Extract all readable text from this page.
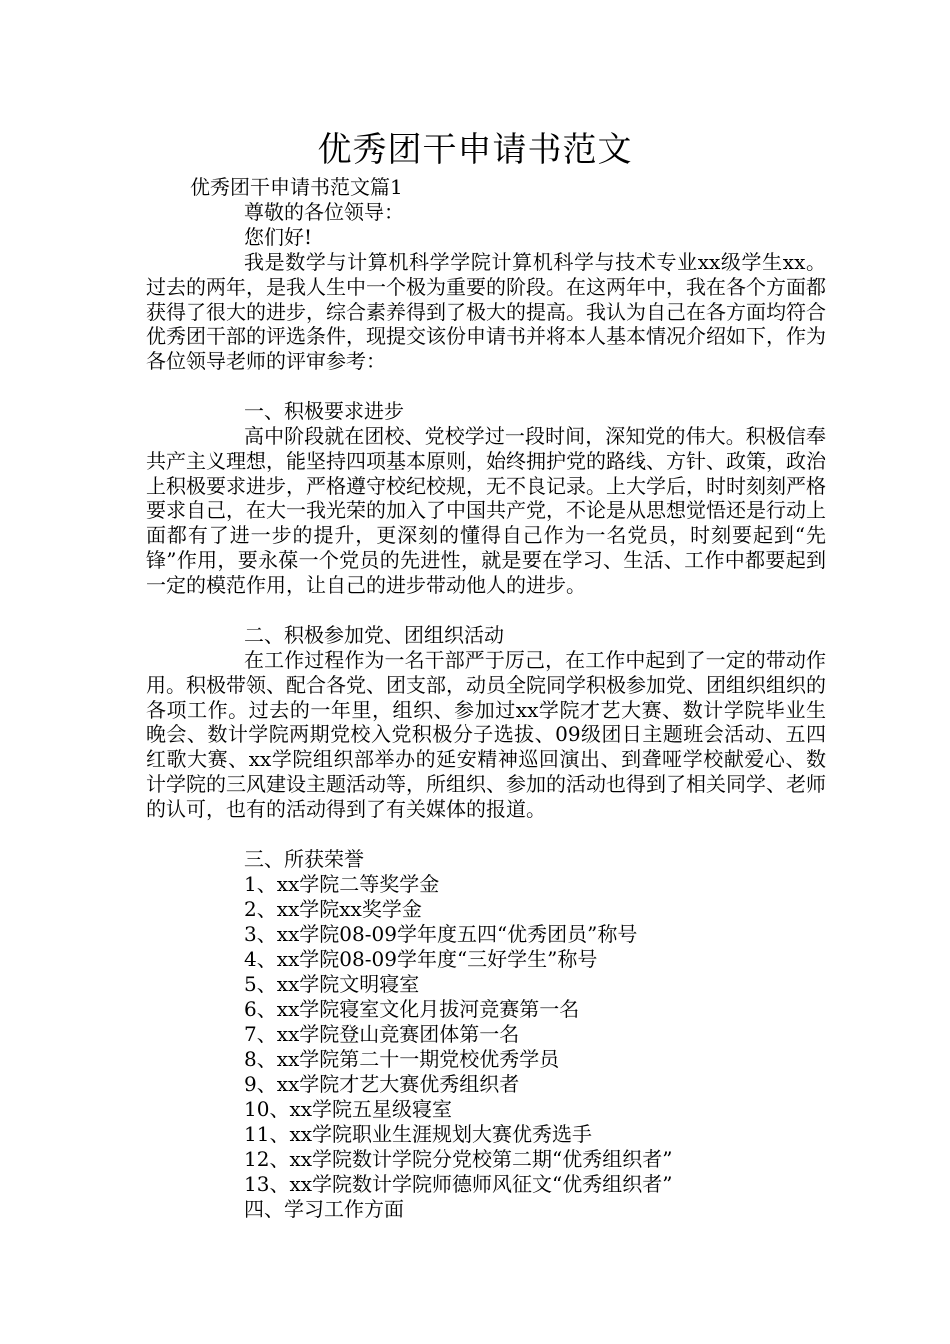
优秀团干申请书范文
优秀团干申请书范文篇1
尊敬的各位领导：
您们好!
我是数学与计算机科学学院计算机科学与技术专业xx级学生xx。过去的两年，是我人生中一个极为重要的阶段。在这两年中，我在各个方面都获得了很大的进步，综合素养得到了极大的提高。我认为自己在各方面均符合优秀团干部的评选条件，现提交该份申请书并将本人基本情况介绍如下，作为各位领导老师的评审参考：
一、积极要求进步
高中阶段就在团校、党校学过一段时间，深知党的伟大。积极信奉共产主义理想，能坚持四项基本原则，始终拥护党的路线、方针、政策，政治上积极要求进步，严格遵守校纪校规，无不良记录。上大学后，时时刻刻严格要求自己，在大一我光荣的加入了中国共产党，不论是从思想觉悟还是行动上面都有了进一步的提升，更深刻的懂得自己作为一名党员，时刻要起到“先锋”作用，要永葆一个党员的先进性，就是要在学习、生活、工作中都要起到一定的模范作用，让自己的进步带动他人的进步。
二、积极参加党、团组织活动
在工作过程作为一名干部严于厉己，在工作中起到了一定的带动作用。积极带领、配合各党、团支部，动员全院同学积极参加党、团组织组织的各项工作。过去的一年里，组织、参加过xx学院才艺大赛、数计学院毕业生晚会、数计学院两期党校入党积极分子选拔、09级团日主题班会活动、五四红歌大赛、xx学院组织部举办的延安精神巡回演出、到聋哑学校献爱心、数计学院的三风建设主题活动等，所组织、参加的活动也得到了相关同学、老师的认可，也有的活动得到了有关媒体的报道。
三、所获荣誉
1、xx学院二等奖学金
2、xx学院xx奖学金
3、xx学院08-09学年度五四“优秀团员”称号
4、xx学院08-09学年度“三好学生”称号
5、xx学院文明寝室
6、xx学院寝室文化月拔河竞赛第一名
7、xx学院登山竞赛团体第一名
8、xx学院第二十一期党校优秀学员
9、xx学院才艺大赛优秀组织者
10、xx学院五星级寝室
11、xx学院职业生涯规划大赛优秀选手
12、xx学院数计学院分党校第二期“优秀组织者”
13、xx学院数计学院师德师风征文“优秀组织者”
四、学习工作方面
